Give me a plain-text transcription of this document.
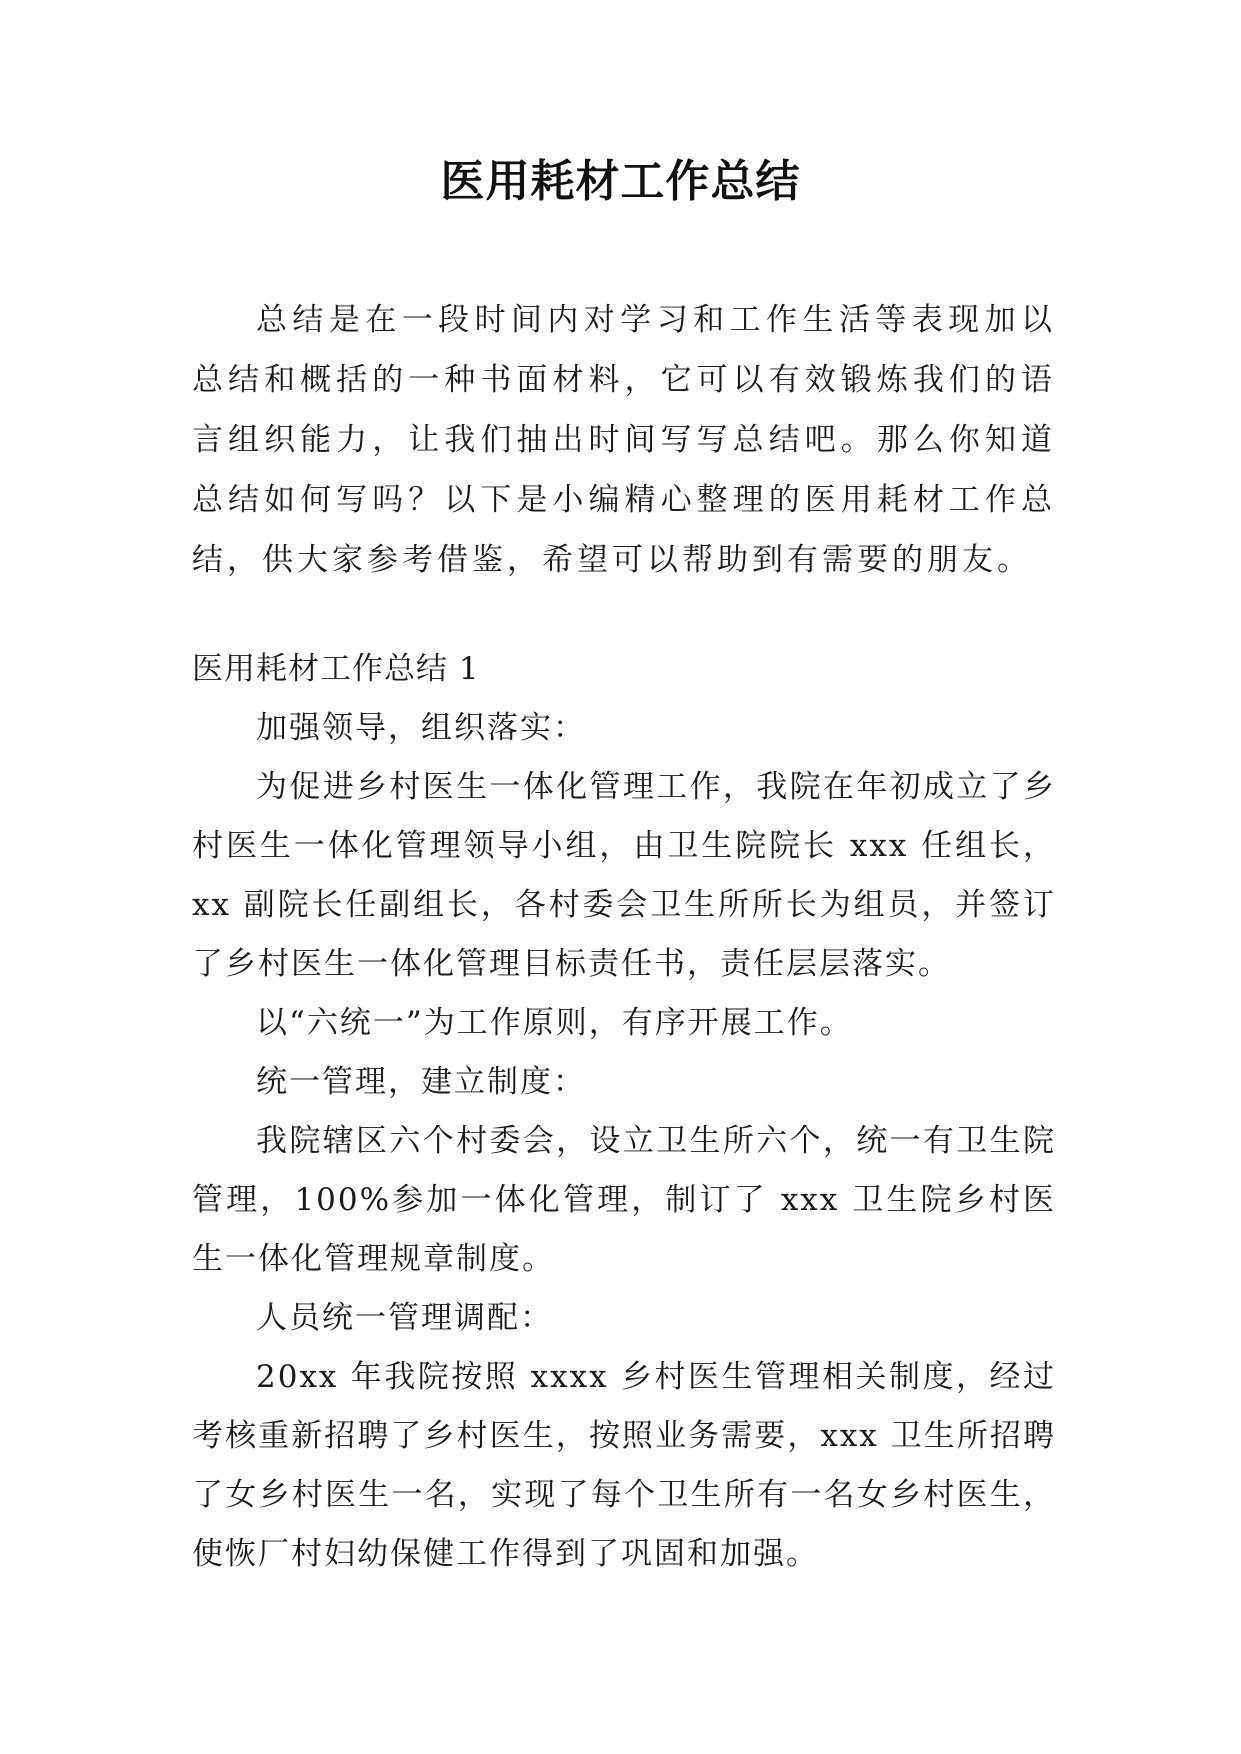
医用耗材工作总结

总结是在一段时间内对学习和工作生活等表现加以总结和概括的一种书面材料，它可以有效锻炼我们的语言组织能力，让我们抽出时间写写总结吧。那么你知道总结如何写吗？以下是小编精心整理的医用耗材工作总结，供大家参考借鉴，希望可以帮助到有需要的朋友。

医用耗材工作总结 1

加强领导，组织落实：

为促进乡村医生一体化管理工作，我院在年初成立了乡村医生一体化管理领导小组，由卫生院院长 xxx 任组长，xx 副院长任副组长，各村委会卫生所所长为组员，并签订了乡村医生一体化管理目标责任书，责任层层落实。

以“六统一”为工作原则，有序开展工作。

统一管理，建立制度：

我院辖区六个村委会，设立卫生所六个，统一有卫生院管理，100%参加一体化管理，制订了 xxx 卫生院乡村医生一体化管理规章制度。

人员统一管理调配：

20xx 年我院按照 xxxx 乡村医生管理相关制度，经过考核重新招聘了乡村医生，按照业务需要，xxx 卫生所招聘了女乡村医生一名，实现了每个卫生所有一名女乡村医生，使恢厂村妇幼保健工作得到了巩固和加强。
